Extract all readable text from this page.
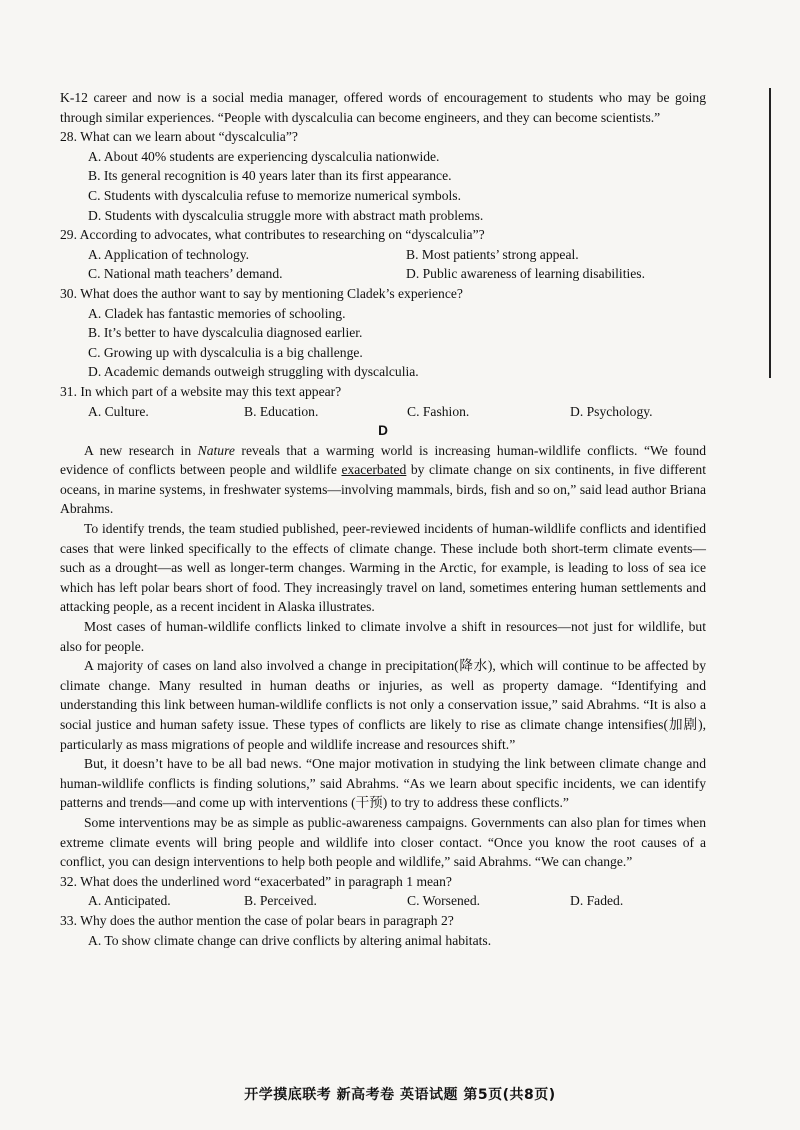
K-12 career and now is a social media manager, offered words of encouragement to students who may be going through similar experiences. “People with dyscalculia can become engineers, and they can become scientists.”

28. What can we learn about “dyscalculia”?

A. About 40% students are experiencing dyscalculia nationwide.

B. Its general recognition is 40 years later than its first appearance.

C. Students with dyscalculia refuse to memorize numerical symbols.

D. Students with dyscalculia struggle more with abstract math problems.

29. According to advocates, what contributes to researching on “dyscalculia”?

A. Application of technology.	B. Most patients’ strong appeal.
C. National math teachers’ demand.	D. Public awareness of learning disabilities.

30. What does the author want to say by mentioning Cladek’s experience?

A. Cladek has fantastic memories of schooling.

B. It’s better to have dyscalculia diagnosed earlier.

C. Growing up with dyscalculia is a big challenge.

D. Academic demands outweigh struggling with dyscalculia.

31. In which part of a website may this text appear?

A. Culture.	B. Education.	C. Fashion.	D. Psychology.

D

A new research in Nature reveals that a warming world is increasing human-wildlife conflicts. “We found evidence of conflicts between people and wildlife exacerbated by climate change on six continents, in five different oceans, in marine systems, in freshwater systems—involving mammals, birds, fish and so on,” said lead author Briana Abrahms.

To identify trends, the team studied published, peer-reviewed incidents of human-wildlife conflicts and identified cases that were linked specifically to the effects of climate change. These include both short-term climate events—such as a drought—as well as longer-term changes. Warming in the Arctic, for example, is leading to loss of sea ice which has left polar bears short of food. They increasingly travel on land, sometimes entering human settlements and attacking people, as a recent incident in Alaska illustrates.

Most cases of human-wildlife conflicts linked to climate involve a shift in resources—not just for wildlife, but also for people.

A majority of cases on land also involved a change in precipitation(降水), which will continue to be affected by climate change. Many resulted in human deaths or injuries, as well as property damage. “Identifying and understanding this link between human-wildlife conflicts is not only a conservation issue,” said Abrahms. “It is also a social justice and human safety issue. These types of conflicts are likely to rise as climate change intensifies(加剧), particularly as mass migrations of people and wildlife increase and resources shift.”

But, it doesn’t have to be all bad news. “One major motivation in studying the link between climate change and human-wildlife conflicts is finding solutions,” said Abrahms. “As we learn about specific incidents, we can identify patterns and trends—and come up with interventions (干预) to try to address these conflicts.”

Some interventions may be as simple as public-awareness campaigns. Governments can also plan for times when extreme climate events will bring people and wildlife into closer contact. “Once you know the root causes of a conflict, you can design interventions to help both people and wildlife,” said Abrahms. “We can change.”

32. What does the underlined word “exacerbated” in paragraph 1 mean?

A. Anticipated.	B. Perceived.	C. Worsened.	D. Faded.

33. Why does the author mention the case of polar bears in paragraph 2?

A. To show climate change can drive conflicts by altering animal habitats.

开学摸底联考 新高考卷 英语试题 第5页(共8页)
